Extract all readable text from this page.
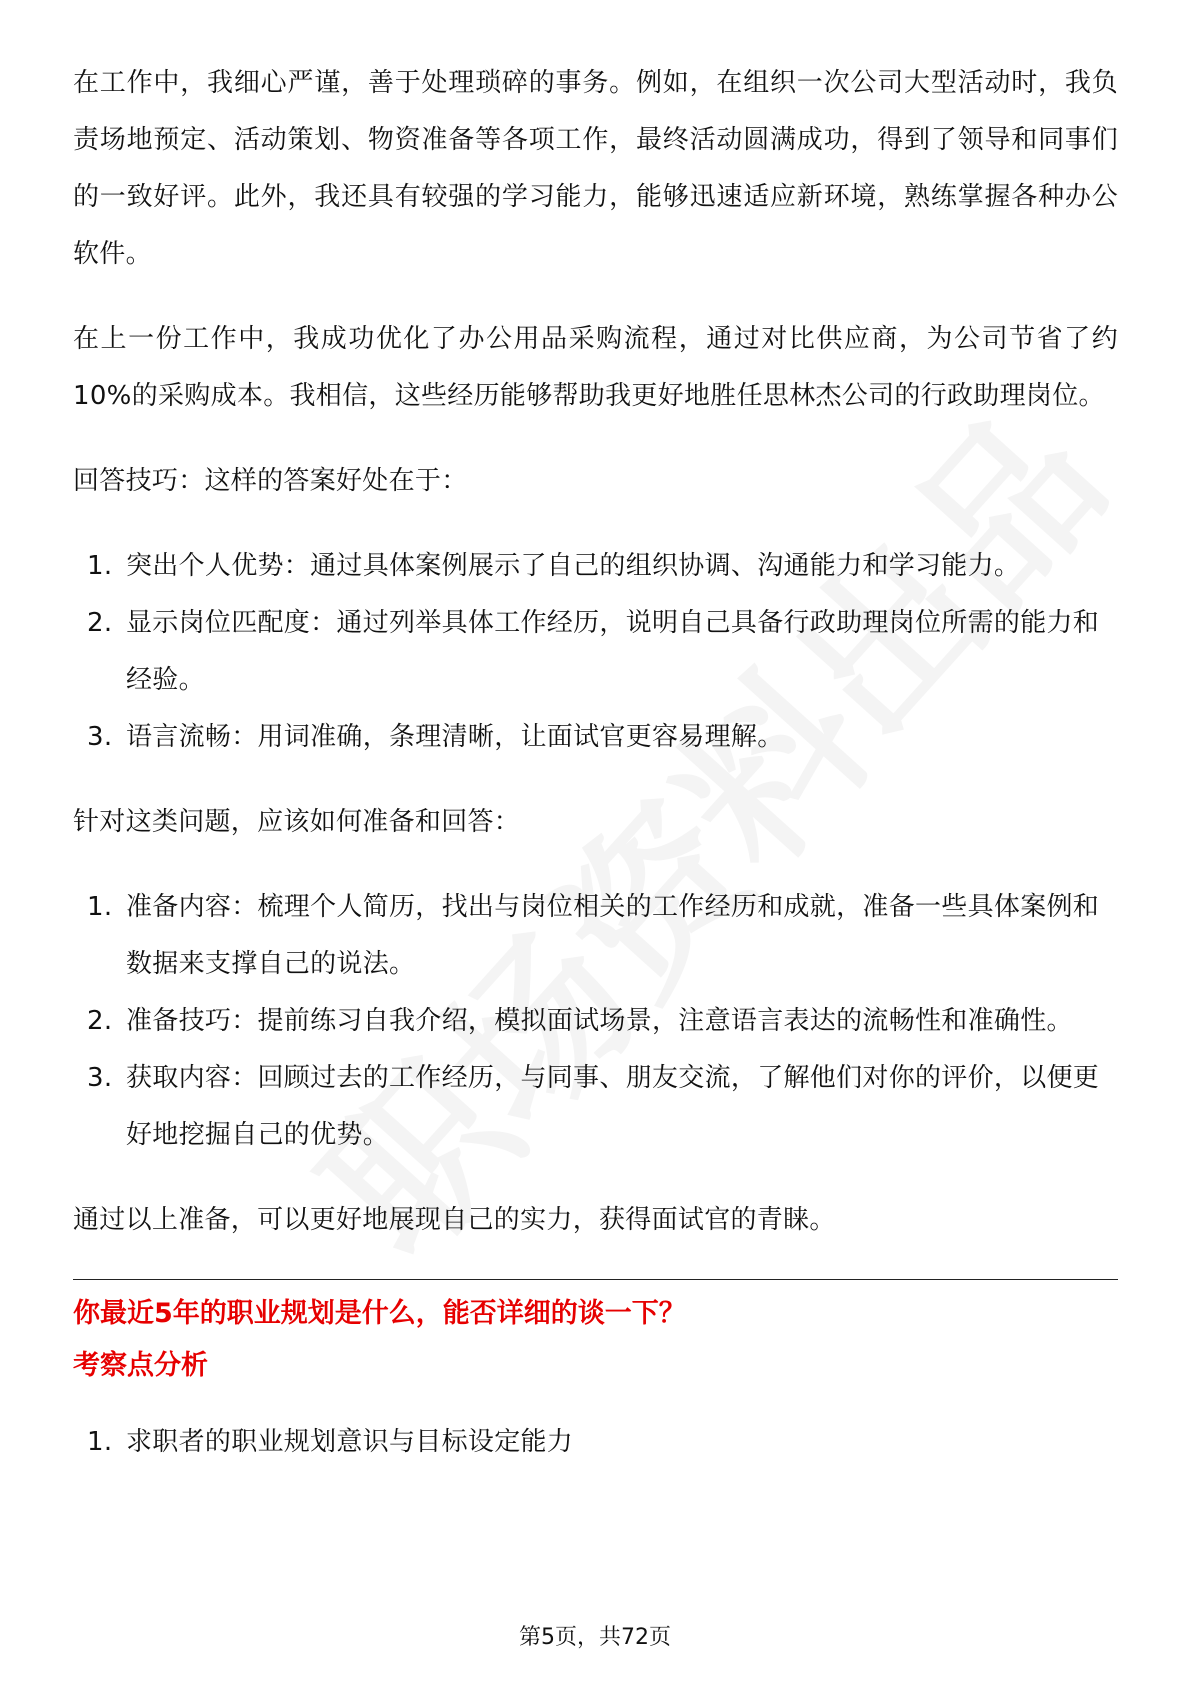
在工作中，我细心严谨，善于处理琐碎的事务。例如，在组织一次公司大型活动时，我负责场地预定、活动策划、物资准备等各项工作，最终活动圆满成功，得到了领导和同事们的一致好评。此外，我还具有较强的学习能力，能够迅速适应新环境，熟练掌握各种办公软件。

在上一份工作中，我成功优化了办公用品采购流程，通过对比供应商，为公司节省了约10%的采购成本。我相信，这些经历能够帮助我更好地胜任思林杰公司的行政助理岗位。

回答技巧：这样的答案好处在于：

1. 突出个人优势：通过具体案例展示了自己的组织协调、沟通能力和学习能力。
2. 显示岗位匹配度：通过列举具体工作经历，说明自己具备行政助理岗位所需的能力和经验。
3. 语言流畅：用词准确，条理清晰，让面试官更容易理解。

针对这类问题，应该如何准备和回答：

1. 准备内容：梳理个人简历，找出与岗位相关的工作经历和成就，准备一些具体案例和数据来支撑自己的说法。
2. 准备技巧：提前练习自我介绍，模拟面试场景，注意语言表达的流畅性和准确性。
3. 获取内容：回顾过去的工作经历，与同事、朋友交流，了解他们对你的评价，以便更好地挖掘自己的优势。

通过以上准备，可以更好地展现自己的实力，获得面试官的青睐。

你最近5年的职业规划是什么，能否详细的谈一下？

考察点分析

1. 求职者的职业规划意识与目标设定能力
第5页，共72页
